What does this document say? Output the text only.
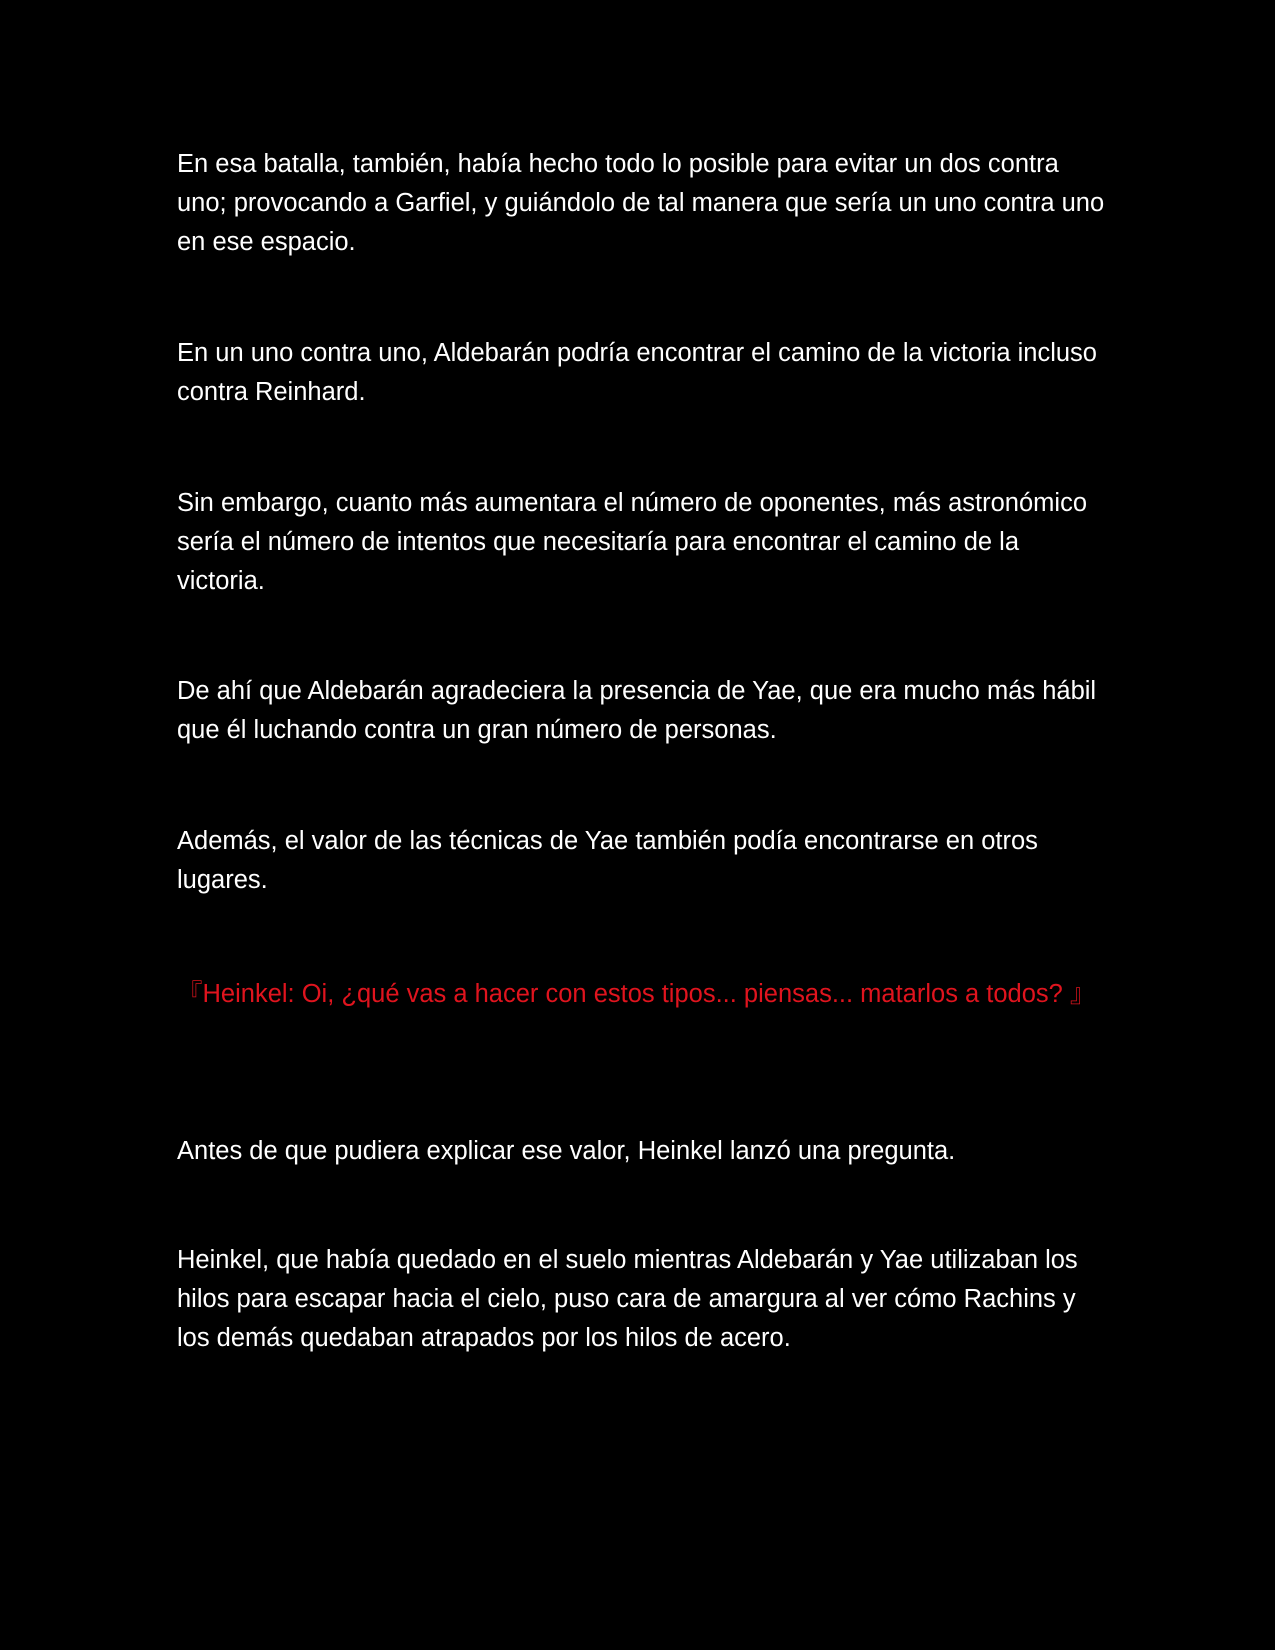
En esa batalla, también, había hecho todo lo posible para evitar un dos contra uno; provocando a Garfiel, y guiándolo de tal manera que sería un uno contra uno en ese espacio.

En un uno contra uno, Aldebarán podría encontrar el camino de la victoria incluso contra Reinhard.

Sin embargo, cuanto más aumentara el número de oponentes, más astronómico sería el número de intentos que necesitaría para encontrar el camino de la victoria.

De ahí que Aldebarán agradeciera la presencia de Yae, que era mucho más hábil que él luchando contra un gran número de personas.

Además, el valor de las técnicas de Yae también podía encontrarse en otros lugares.

『Heinkel: Oi, ¿qué vas a hacer con estos tipos... piensas... matarlos a todos? 』

Antes de que pudiera explicar ese valor, Heinkel lanzó una pregunta.

Heinkel, que había quedado en el suelo mientras Aldebarán y Yae utilizaban los hilos para escapar hacia el cielo, puso cara de amargura al ver cómo Rachins y los demás quedaban atrapados por los hilos de acero.
